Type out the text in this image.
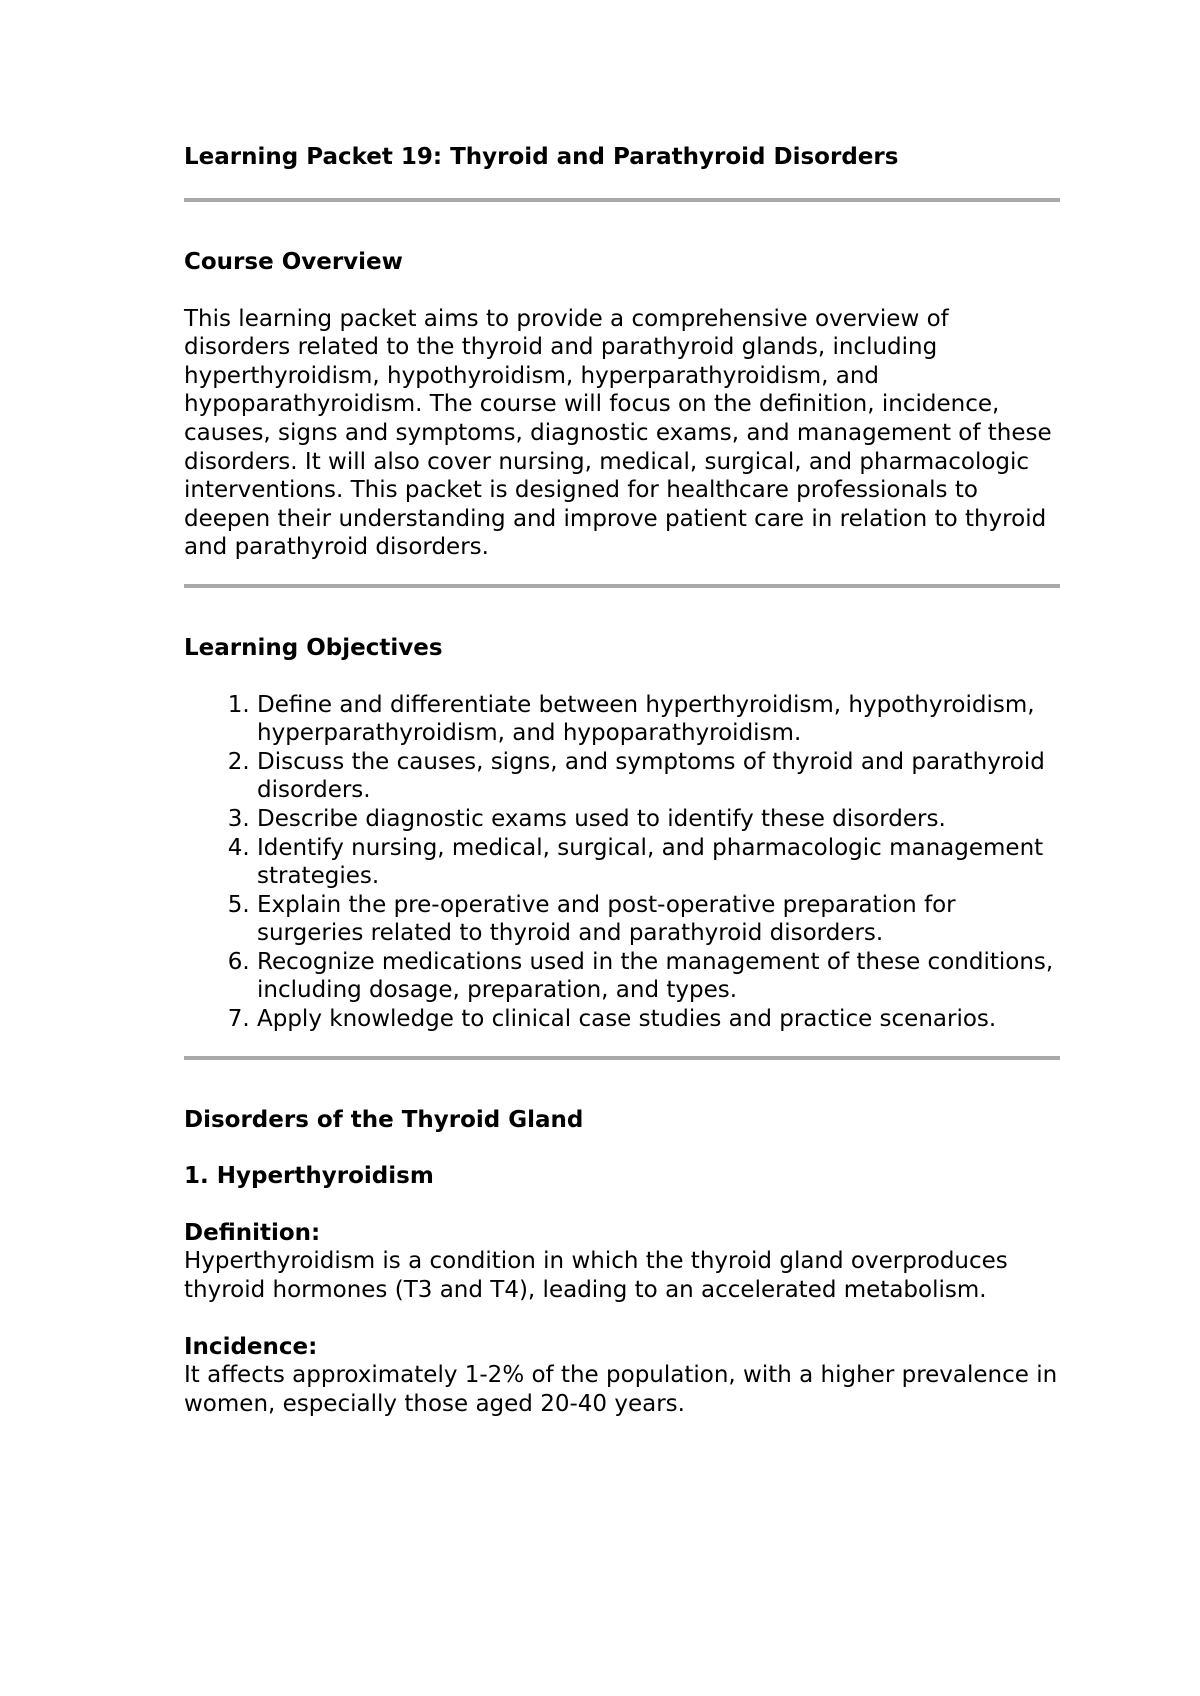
Learning Packet 19: Thyroid and Parathyroid Disorders
Course Overview

This learning packet aims to provide a comprehensive overview of disorders related to the thyroid and parathyroid glands, including hyperthyroidism, hypothyroidism, hyperparathyroidism, and hypoparathyroidism. The course will focus on the definition, incidence, causes, signs and symptoms, diagnostic exams, and management of these disorders. It will also cover nursing, medical, surgical, and pharmacologic interventions. This packet is designed for healthcare professionals to deepen their understanding and improve patient care in relation to thyroid and parathyroid disorders.

Learning Objectives
1. Define and differentiate between hyperthyroidism, hypothyroidism, hyperparathyroidism, and hypoparathyroidism.
2. Discuss the causes, signs, and symptoms of thyroid and parathyroid disorders.
3. Describe diagnostic exams used to identify these disorders.
4. Identify nursing, medical, surgical, and pharmacologic management strategies.
5. Explain the pre-operative and post-operative preparation for surgeries related to thyroid and parathyroid disorders.
6. Recognize medications used in the management of these conditions, including dosage, preparation, and types.
7. Apply knowledge to clinical case studies and practice scenarios.
Disorders of the Thyroid Gland
1. Hyperthyroidism
Definition:

Hyperthyroidism is a condition in which the thyroid gland overproduces thyroid hormones (T3 and T4), leading to an accelerated metabolism.

Incidence:

It affects approximately 1-2% of the population, with a higher prevalence in women, especially those aged 20-40 years.
